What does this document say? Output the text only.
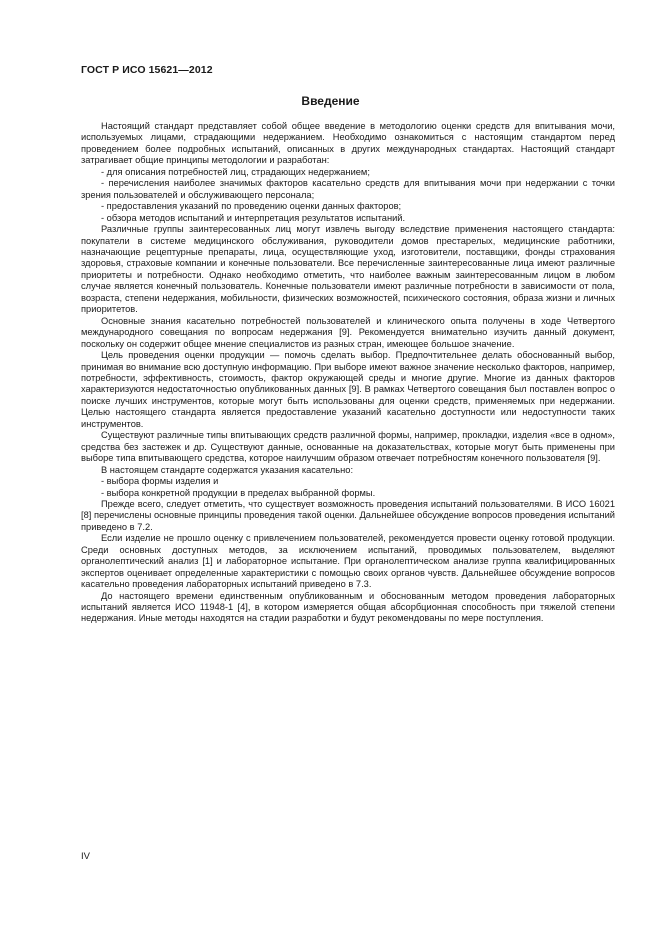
ГОСТ Р ИСО 15621—2012
Введение

Настоящий стандарт представляет собой общее введение в методологию оценки средств для впитывания мочи, используемых лицами, страдающими недержанием. Необходимо ознакомиться с настоящим стандартом перед проведением более подробных испытаний, описанных в других международных стандартах. Настоящий стандарт затрагивает общие принципы методологии и разработан:

- для описания потребностей лиц, страдающих недержанием;

- перечисления наиболее значимых факторов касательно средств для впитывания мочи при недержании с точки зрения пользователей и обслуживающего персонала;

- предоставления указаний по проведению оценки данных факторов;

- обзора методов испытаний и интерпретация результатов испытаний.

Различные группы заинтересованных лиц могут извлечь выгоду вследствие применения настоящего стандарта: покупатели в системе медицинского обслуживания, руководители домов престарелых, медицинские работники, назначающие рецептурные препараты, лица, осуществляющие уход, изготовители, поставщики, фонды страхования здоровья, страховые компании и конечные пользователи. Все перечисленные заинтересованные лица имеют различные приоритеты и потребности. Однако необходимо отметить, что наиболее важным заинтересованным лицом в любом случае является конечный пользователь. Конечные пользователи имеют различные потребности в зависимости от пола, возраста, степени недержания, мобильности, физических возможностей, психического состояния, образа жизни и личных приоритетов.

Основные знания касательно потребностей пользователей и клинического опыта получены в ходе Четвертого международного совещания по вопросам недержания [9]. Рекомендуется внимательно изучить данный документ, поскольку он содержит общее мнение специалистов из разных стран, имеющее большое значение.

Цель проведения оценки продукции — помочь сделать выбор. Предпочтительнее делать обоснованный выбор, принимая во внимание всю доступную информацию. При выборе имеют важное значение несколько факторов, например, потребности, эффективность, стоимость, фактор окружающей среды и многие другие. Многие из данных факторов характеризуются недостаточностью опубликованных данных [9]. В рамках Четвертого совещания был поставлен вопрос о поиске лучших инструментов, которые могут быть использованы для оценки средств, применяемых при недержании. Целью настоящего стандарта является предоставление указаний касательно доступности или недоступности таких инструментов.

Существуют различные типы впитывающих средств различной формы, например, прокладки, изделия «все в одном», средства без застежек и др. Существуют данные, основанные на доказательствах, которые могут быть применены при выборе типа впитывающего средства, которое наилучшим образом отвечает потребностям конечного пользователя [9].

В настоящем стандарте содержатся указания касательно:

- выбора формы изделия и

- выбора конкретной продукции в пределах выбранной формы.

Прежде всего, следует отметить, что существует возможность проведения испытаний пользователями. В ИСО 16021 [8] перечислены основные принципы проведения такой оценки. Дальнейшее обсуждение вопросов проведения испытаний приведено в 7.2.

Если изделие не прошло оценку с привлечением пользователей, рекомендуется провести оценку готовой продукции. Среди основных доступных методов, за исключением испытаний, проводимых пользователем, выделяют органолептический анализ [1] и лабораторное испытание. При органолептическом анализе группа квалифицированных экспертов оценивает определенные характеристики с помощью своих органов чувств. Дальнейшее обсуждение вопросов касательно проведения лабораторных испытаний приведено в 7.3.

До настоящего времени единственным опубликованным и обоснованным методом проведения лабораторных испытаний является ИСО 11948-1 [4], в котором измеряется общая абсорбционная способность при тяжелой степени недержания. Иные методы находятся на стадии разработки и будут рекомендованы по мере поступления.

IV
